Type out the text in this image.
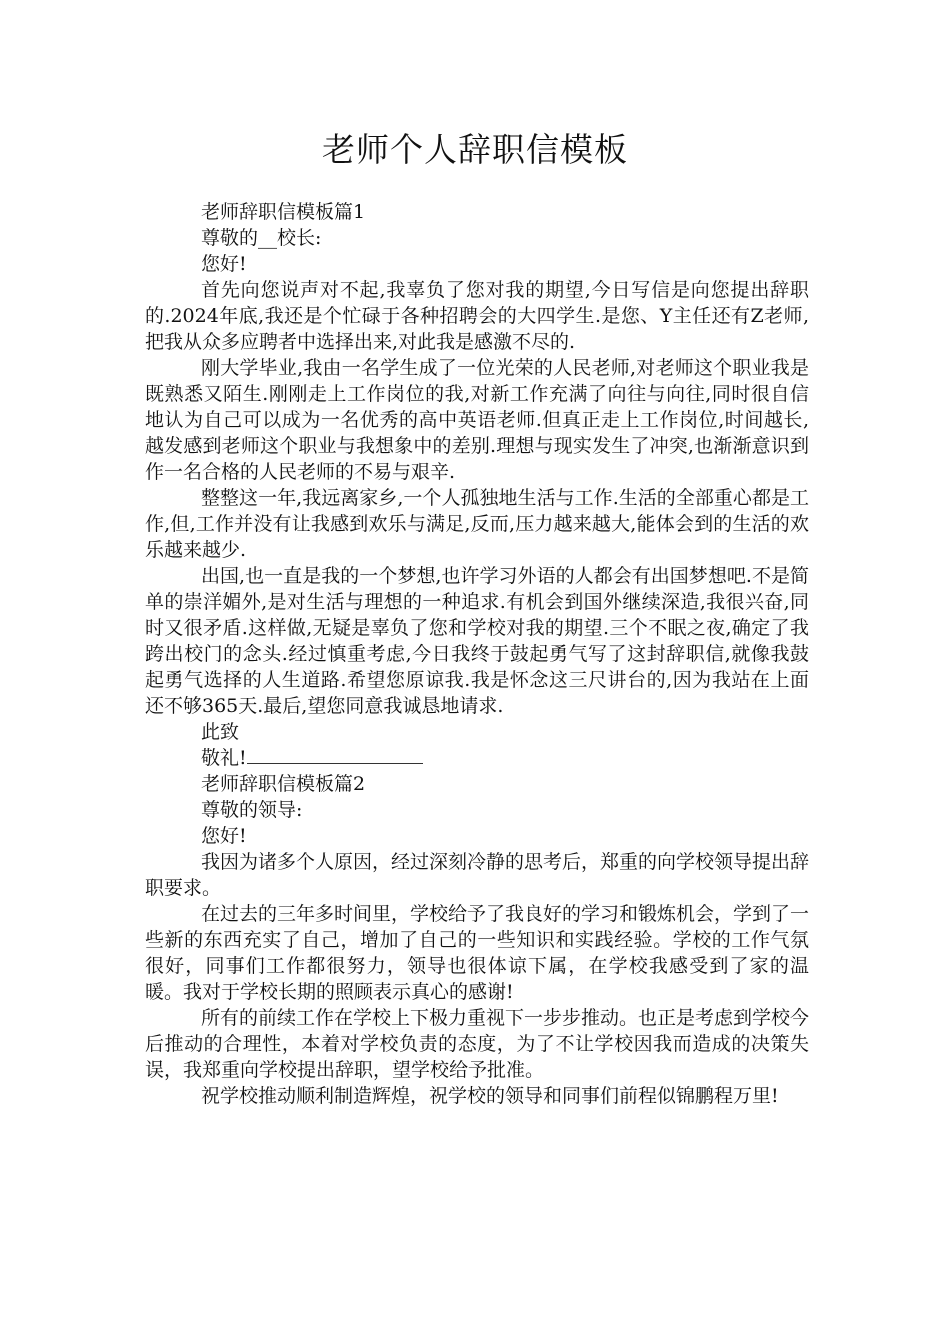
老师个人辞职信模板

老师辞职信模板篇1

尊敬的__校长:

您好!

首先向您说声对不起,我辜负了您对我的期望,今日写信是向您提出辞职的.2024年底,我还是个忙碌于各种招聘会的大四学生.是您、Y主任还有Z老师,把我从众多应聘者中选择出来,对此我是感激不尽的.

刚大学毕业,我由一名学生成了一位光荣的人民老师,对老师这个职业我是既熟悉又陌生.刚刚走上工作岗位的我,对新工作充满了向往与向往,同时很自信地认为自己可以成为一名优秀的高中英语老师.但真正走上工作岗位,时间越长,越发感到老师这个职业与我想象中的差别.理想与现实发生了冲突,也渐渐意识到作一名合格的人民老师的不易与艰辛.

整整这一年,我远离家乡,一个人孤独地生活与工作.生活的全部重心都是工作,但,工作并没有让我感到欢乐与满足,反而,压力越来越大,能体会到的生活的欢乐越来越少.

出国,也一直是我的一个梦想,也许学习外语的人都会有出国梦想吧.不是简单的崇洋媚外,是对生活与理想的一种追求.有机会到国外继续深造,我很兴奋,同时又很矛盾.这样做,无疑是辜负了您和学校对我的期望.三个不眠之夜,确定了我跨出校门的念头.经过慎重考虑,今日我终于鼓起勇气写了这封辞职信,就像我鼓起勇气选择的人生道路.希望您原谅我.我是怀念这三尺讲台的,因为我站在上面还不够365天.最后,望您同意我诚恳地请求.

此致

敬礼!

老师辞职信模板篇2

尊敬的领导:

您好!

我因为诸多个人原因，经过深刻冷静的思考后，郑重的向学校领导提出辞职要求。

在过去的三年多时间里，学校给予了我良好的学习和锻炼机会，学到了一些新的东西充实了自己，增加了自己的一些知识和实践经验。学校的工作气氛很好，同事们工作都很努力，领导也很体谅下属，在学校我感受到了家的温暖。我对于学校长期的照顾表示真心的感谢!

所有的前续工作在学校上下极力重视下一步步推动。也正是考虑到学校今后推动的合理性，本着对学校负责的态度，为了不让学校因我而造成的决策失误，我郑重向学校提出辞职，望学校给予批准。

祝学校推动顺利制造辉煌，祝学校的领导和同事们前程似锦鹏程万里!
